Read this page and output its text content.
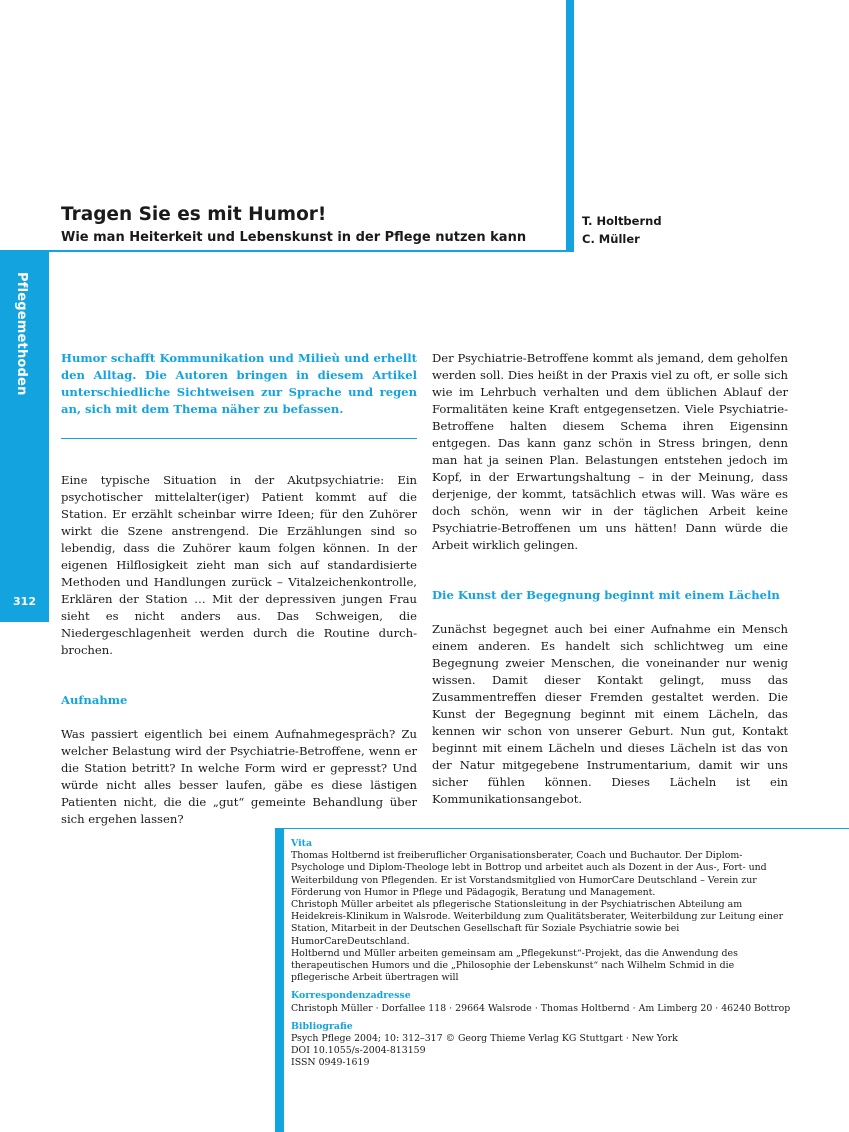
Tragen Sie es mit Humor!
Wie man Heiterkeit und Lebenskunst in der Pflege nutzen kann
T. Holtbernd
C. Müller
Pflegemethoden
312

Humor schafft Kommunikation und Milieù und erhellt den Alltag. Die Autoren bringen in diesem Artikel unterschiedliche Sichtweisen zur Sprache und regen an, sich mit dem Thema näher zu befassen.

Eine typische Situation in der Akutpsychiatrie: Ein psychotischer mittelalter(iger) Patient kommt auf die Station. Er erzählt scheinbar wirre Ideen; für den Zuhörer wirkt die Szene anstrengend. Die Erzählungen sind so lebendig, dass die Zuhörer kaum folgen können. In der eigenen Hilflosigkeit zieht man sich auf standardisierte Methoden und Handlungen zurück – Vitalzeichenkontrolle, Erklären der Station … Mit der depressiven jungen Frau sieht es nicht anders aus. Das Schweigen, die Niedergeschlagenheit werden durch die Routine durch-brochen.

Aufnahme

Was passiert eigentlich bei einem Aufnahmegespräch? Zu welcher Belastung wird der Psychiatrie-Betroffene, wenn er die Station betritt? In welche Form wird er gepresst? Und würde nicht alles besser laufen, gäbe es diese lästigen Patienten nicht, die die „gut“ gemeinte Behandlung über sich ergehen lassen?

Der Psychiatrie-Betroffene kommt als jemand, dem geholfen werden soll. Dies heißt in der Praxis viel zu oft, er solle sich wie im Lehrbuch verhalten und dem üblichen Ablauf der Formalitäten keine Kraft entgegensetzen. Viele Psychiatrie-Betroffene halten diesem Schema ihren Eigensinn entgegen. Das kann ganz schön in Stress bringen, denn man hat ja seinen Plan. Belastungen entstehen jedoch im Kopf, in der Erwartungshaltung – in der Meinung, dass derjenige, der kommt, tatsächlich etwas will. Was wäre es doch schön, wenn wir in der täglichen Arbeit keine Psychiatrie-Betroffenen um uns hätten! Dann würde die Arbeit wirklich gelingen.

Die Kunst der Begegnung beginnt mit einem Lächeln

Zunächst begegnet auch bei einer Aufnahme ein Mensch einem anderen. Es handelt sich schlichtweg um eine Begegnung zweier Menschen, die voneinander nur wenig wissen. Damit dieser Kontakt gelingt, muss das Zusammentreffen dieser Fremden gestaltet werden. Die Kunst der Begegnung beginnt mit einem Lächeln, das kennen wir schon von unserer Geburt. Nun gut, Kontakt beginnt mit einem Lächeln und dieses Lächeln ist das von der Natur mitgegebene Instrumentarium, damit wir uns sicher fühlen können. Dieses Lächeln ist ein Kommunikationsangebot.

Vita

Thomas Holtbernd ist freiberuflicher Organisationsberater, Coach und Buchautor. Der Diplom-Psychologe und Diplom-Theologe lebt in Bottrop und arbeitet auch als Dozent in der Aus-, Fort- und Weiterbildung von Pflegenden. Er ist Vorstandsmitglied von HumorCare Deutschland – Verein zur Förderung von Humor in Pflege und Pädagogik, Beratung und Management.

Christoph Müller arbeitet als pflegerische Stationsleitung in der Psychiatrischen Abteilung am Heidekreis-Klinikum in Walsrode. Weiterbildung zum Qualitätsberater, Weiterbildung zur Leitung einer Station, Mitarbeit in der Deutschen Gesellschaft für Soziale Psychiatrie sowie bei HumorCareDeutschland.

Holtbernd und Müller arbeiten gemeinsam am „Pflegekunst“-Projekt, das die Anwendung des therapeutischen Humors und die „Philosophie der Lebenskunst“ nach Wilhelm Schmid in die pflegerische Arbeit übertragen will

Korrespondenzadresse

Christoph Müller · Dorfallee 118 · 29664 Walsrode · Thomas Holtbernd · Am Limberg 20 · 46240 Bottrop

Bibliografie

Psych Pflege 2004; 10: 312–317 © Georg Thieme Verlag KG Stuttgart · New York

DOI 10.1055/s-2004-813159

ISSN 0949-1619
